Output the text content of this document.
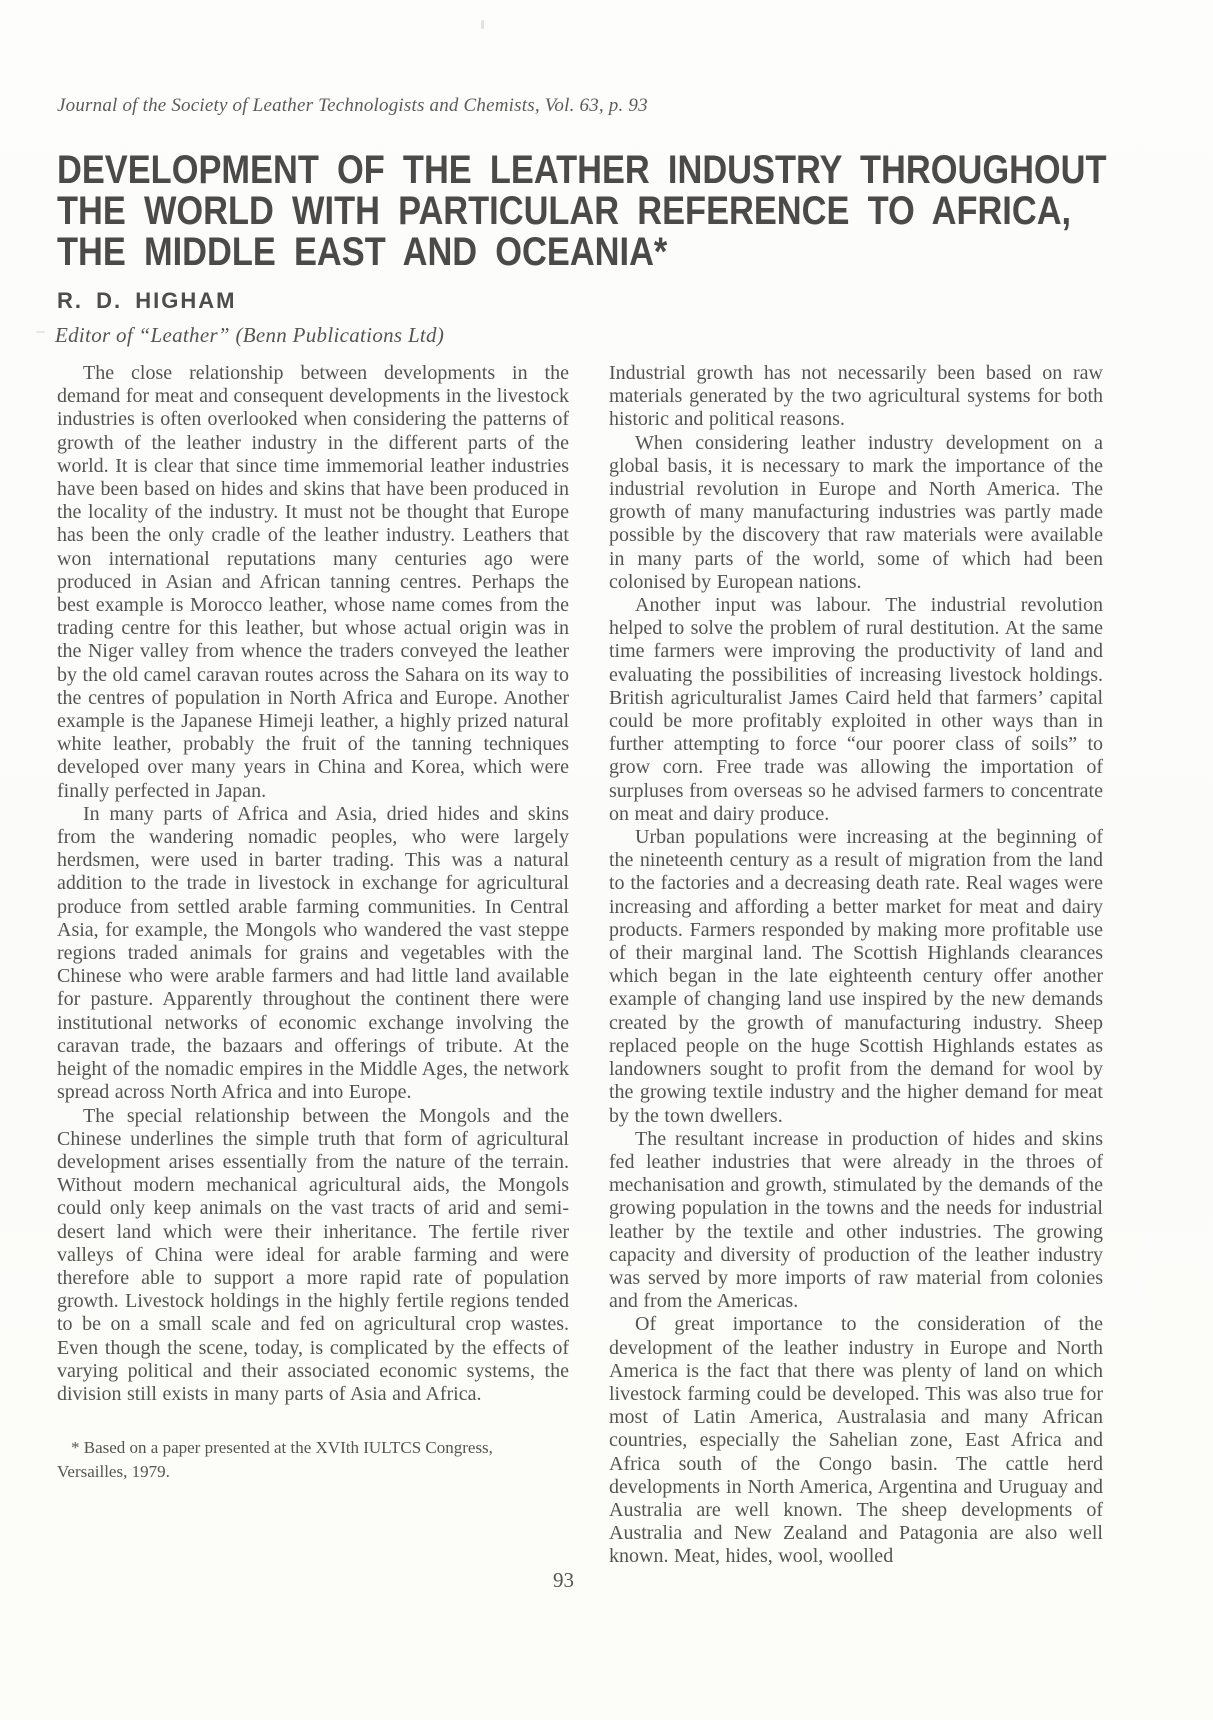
Journal of the Society of Leather Technologists and Chemists, Vol. 63, p. 93
DEVELOPMENT OF THE LEATHER INDUSTRY THROUGHOUT
THE WORLD WITH PARTICULAR REFERENCE TO AFRICA,
THE MIDDLE EAST AND OCEANIA*
R. D. HIGHAM
Editor of “Leather” (Benn Publications Ltd)

The close relationship between developments in the demand for meat and consequent developments in the livestock industries is often overlooked when considering the patterns of growth of the leather industry in the different parts of the world. It is clear that since time immemorial leather industries have been based on hides and skins that have been produced in the locality of the industry. It must not be thought that Europe has been the only cradle of the leather industry. Leathers that won international reputations many centuries ago were produced in Asian and African tanning centres. Perhaps the best example is Morocco leather, whose name comes from the trading centre for this leather, but whose actual origin was in the Niger valley from whence the traders conveyed the leather by the old camel caravan routes across the Sahara on its way to the centres of population in North Africa and Europe. Another example is the Japanese Himeji leather, a highly prized natural white leather, probably the fruit of the tanning techniques developed over many years in China and Korea, which were finally perfected in Japan.

In many parts of Africa and Asia, dried hides and skins from the wandering nomadic peoples, who were largely herdsmen, were used in barter trading. This was a natural addition to the trade in livestock in exchange for agricultural produce from settled arable farming communities. In Central Asia, for example, the Mongols who wandered the vast steppe regions traded animals for grains and vegetables with the Chinese who were arable farmers and had little land available for pasture. Apparently throughout the continent there were institutional networks of economic exchange involving the caravan trade, the bazaars and offerings of tribute. At the height of the nomadic empires in the Middle Ages, the network spread across North Africa and into Europe.

The special relationship between the Mongols and the Chinese underlines the simple truth that form of agricultural development arises essentially from the nature of the terrain. Without modern mechanical agricultural aids, the Mongols could only keep animals on the vast tracts of arid and semi-desert land which were their inheritance. The fertile river valleys of China were ideal for arable farming and were therefore able to support a more rapid rate of population growth. Livestock holdings in the highly fertile regions tended to be on a small scale and fed on agricultural crop wastes. Even though the scene, today, is complicated by the effects of varying political and their associated economic systems, the division still exists in many parts of Asia and Africa.

* Based on a paper presented at the XVIth IULTCS Congress, Versailles, 1979.

Industrial growth has not necessarily been based on raw materials generated by the two agricultural systems for both historic and political reasons.

When considering leather industry development on a global basis, it is necessary to mark the importance of the industrial revolution in Europe and North America. The growth of many manufacturing industries was partly made possible by the discovery that raw materials were available in many parts of the world, some of which had been colonised by European nations.

Another input was labour. The industrial revolution helped to solve the problem of rural destitution. At the same time farmers were improving the productivity of land and evaluating the possibilities of increasing livestock holdings. British agriculturalist James Caird held that farmers’ capital could be more profitably exploited in other ways than in further attempting to force “our poorer class of soils” to grow corn. Free trade was allowing the importation of surpluses from overseas so he advised farmers to concentrate on meat and dairy produce.

Urban populations were increasing at the beginning of the nineteenth century as a result of migration from the land to the factories and a decreasing death rate. Real wages were increasing and affording a better market for meat and dairy products. Farmers responded by making more profitable use of their marginal land. The Scottish Highlands clearances which began in the late eighteenth century offer another example of changing land use inspired by the new demands created by the growth of manufacturing industry. Sheep replaced people on the huge Scottish Highlands estates as landowners sought to profit from the demand for wool by the growing textile industry and the higher demand for meat by the town dwellers.

The resultant increase in production of hides and skins fed leather industries that were already in the throes of mechanisation and growth, stimulated by the demands of the growing population in the towns and the needs for industrial leather by the textile and other industries. The growing capacity and diversity of production of the leather industry was served by more imports of raw material from colonies and from the Americas.

Of great importance to the consideration of the development of the leather industry in Europe and North America is the fact that there was plenty of land on which livestock farming could be developed. This was also true for most of Latin America, Australasia and many African countries, especially the Sahelian zone, East Africa and Africa south of the Congo basin. The cattle herd developments in North America, Argentina and Uruguay and Australia are well known. The sheep developments of Australia and New Zealand and Patagonia are also well known. Meat, hides, wool, woolled

93
